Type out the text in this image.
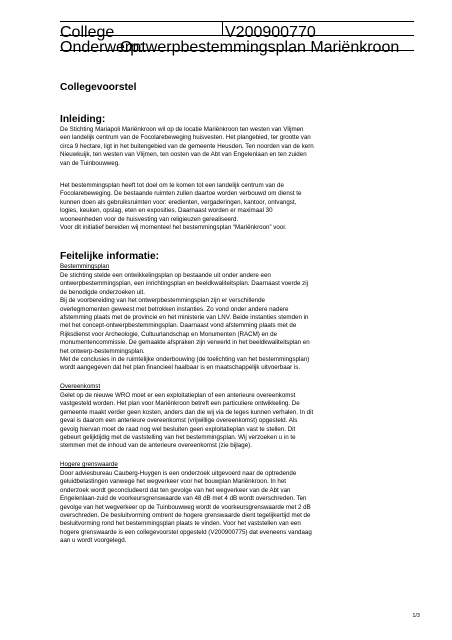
College	V200900770
Onderwerp:
Ontwerpbestemmingsplan Mariënkroon
Collegevoorstel
Inleiding:
De Stichting Mariapoli Mariënkroon wil op de locatie Mariënkroon ten westen van Vlijmen
een landelijk centrum van de Focolarebeweging huisvesten. Het plangebied, ter grootte van
circa 9 hectare, ligt in het buitengebied van de gemeente Heusden. Ten noorden van de kern
Nieuwkuijk, ten westen van Vlijmen, ten oosten van de Abt van Engelenlaan en ten zuiden
van de Tuinbouwweg.
Het bestemmingsplan heeft tot doel om te komen tot een landelijk centrum van de
Focolarebeweging. De bestaande ruimten zullen daartoe worden verbouwd om dienst te
kunnen doen als gebruiksruimten voor: eredienten, vergaderingen, kantoor, ontvangst,
logies, keuken, opslag, eten en exposities. Daarnaast worden er maximaal 30
wooneenheden voor de huisvesting van religieuzen gerealiseerd.
Voor dit initiatief bereiden wij momenteel het bestemmingsplan “Mariënkroon” voor.
Feitelijke informatie:
Bestemmingsplan
De stichting stelde een ontwikkelingsplan op bestaande uit onder andere een
ontwerpbestemmingsplan, een inrichtingsplan en beeldkwaliteitsplan. Daarnaast voerde zij
de benodigde onderzoeken uit.
Bij de voorbereiding van het ontwerpbestemmingsplan zijn er verschillende
overlegmomenten geweest met betrokken instanties. Zo vond onder andere nadere
afstemming plaats met de provincie en het ministerie van LNV. Beide instanties stemden in
met het concept-ontwerpbestemmingsplan. Daarnaast vond afstemming plaats met de
Rijksdienst voor Archeologie, Cultuurlandschap en Monumenten (RACM) en de
monumentencommissie. De gemaakte afspraken zijn verwerkt in het beeldkwaliteitsplan en
het ontwerp-bestemmingsplan.
Met de conclusies in de ruimtelijke onderbouwing (de toelichting van het bestemmingsplan)
wordt aangegeven dat het plan financieel haalbaar is en maatschappelijk uitvoerbaar is.
Overeenkomst
Gelet op de nieuwe WRO moet er een exploitatieplan of een anterieure overeenkomst
vastgesteld worden. Het plan voor Mariënkroon betreft een particuliere ontwikkeling. De
gemeente maakt verder geen kosten, anders dan die wij via de leges kunnen verhalen. In dit
geval is daarom een anterieure overeenkomst (vrijwillige overeenkomst) opgesteld. Als
gevolg hiervan moet de raad nog wel besluiten geen exploitatieplan vast te stellen. Dit
gebeurt gelijktijdig met de vaststelling van het bestemmingsplan. Wij verzoeken u in te
stemmen met de inhoud van de anterieure overeenkomst (zie bijlage).
Hogere grenswaarde
Door adviesbureau Cauberg-Huygen is een onderzoek uitgevoerd naar de optredende
geluidbelastingen vanwege het wegverkeer voor het bouwplan Mariënkroon. In het
onderzoek wordt geconcludeerd dat ten gevolge van het wegverkeer van de Abt van
Engelenlaan-zuid de voorkeursgrenswaarde van 48 dB met 4 dB wordt overschreden. Ten
gevolge van het wegverkeer op de Tuinbouwweg wordt de voorkeursgrenswaarde met 2 dB
overschreden. De besluitvorming omtrent de hogere grenswaarde dient tegelijkertijd met de
besluitvorming rond het bestemmingsplan plaats te vinden. Voor het vaststellen van een
hogere grenswaarde is een collegevoorstel opgesteld (V200900775) dat eveneens vandaag
aan u wordt voorgelegd.
1/3
